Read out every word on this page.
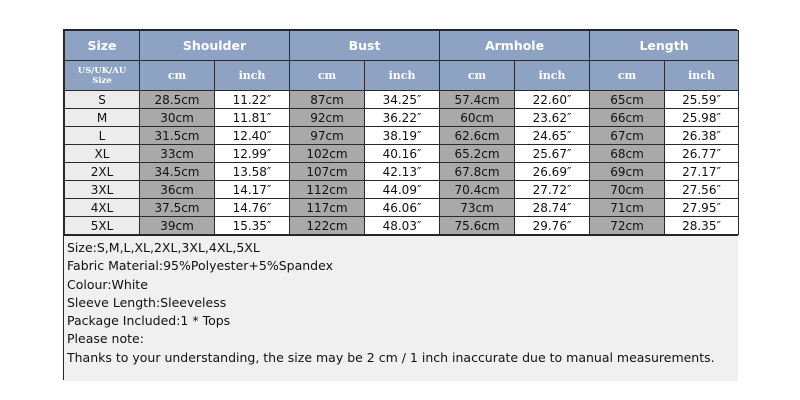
Size	Shoulder		Bust		Armhole		Length	

US/UK/AU
Size	cm	inch	cm	inch	cm	inch	cm	inch
S	28.5cm	11.22″	87cm	34.25″	57.4cm	22.60″	65cm	25.59″
M	30cm	11.81″	92cm	36.22″	60cm	23.62″	66cm	25.98″
L	31.5cm	12.40″	97cm	38.19″	62.6cm	24.65″	67cm	26.38″
XL	33cm	12.99″	102cm	40.16″	65.2cm	25.67″	68cm	26.77″
2XL	34.5cm	13.58″	107cm	42.13″	67.8cm	26.69″	69cm	27.17″
3XL	36cm	14.17″	112cm	44.09″	70.4cm	27.72″	70cm	27.56″
4XL	37.5cm	14.76″	117cm	46.06″	73cm	28.74″	71cm	27.95″
5XL	39cm	15.35″	122cm	48.03″	75.6cm	29.76″	72cm	28.35″
Size:S,M,L,XL,2XL,3XL,4XL,5XL
Fabric Material:95%Polyester+5%Spandex
Colour:White
Sleeve Length:Sleeveless
Package Included:1 * Tops
Please note:
Thanks to your understanding, the size may be 2 cm / 1 inch inaccurate due to manual measurements.
